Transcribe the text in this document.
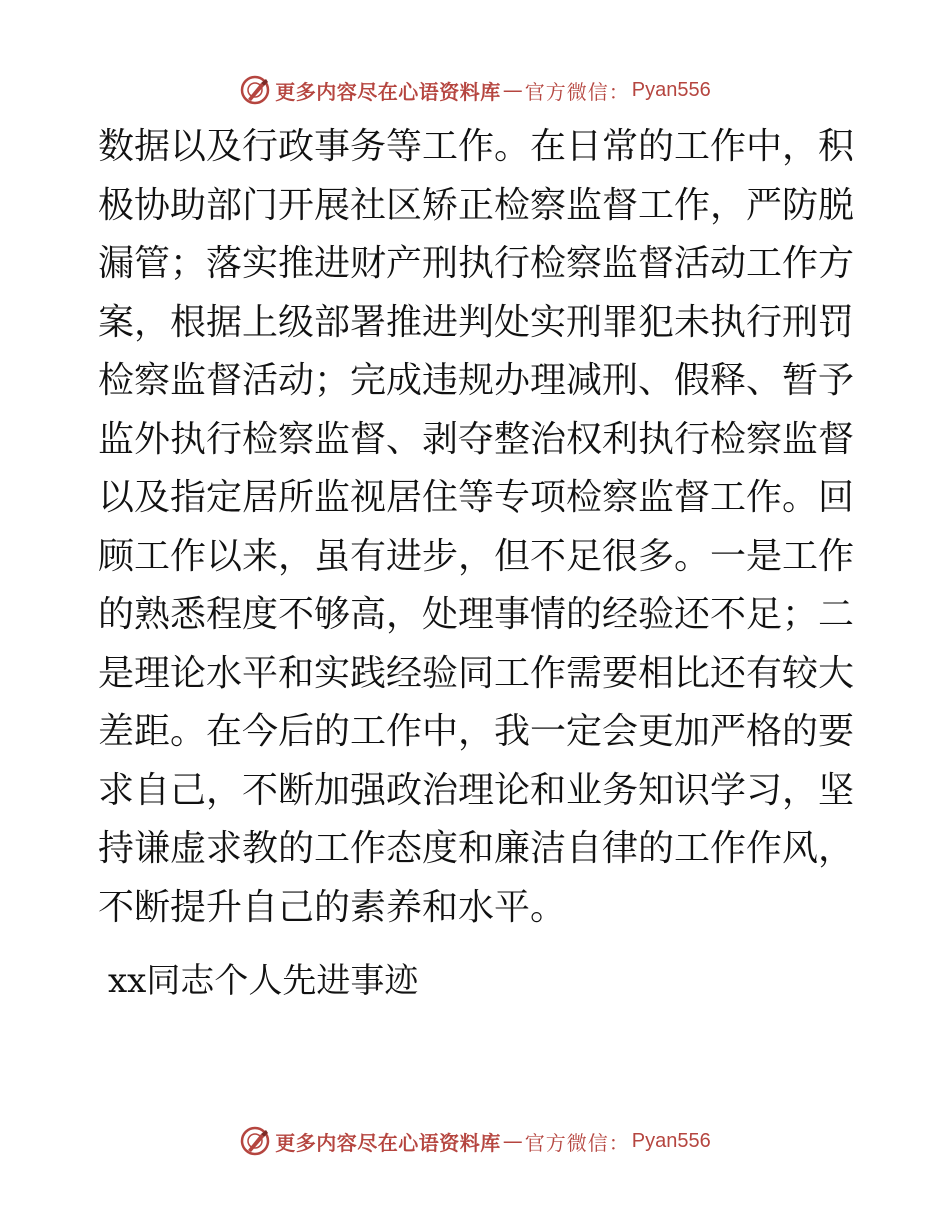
更多内容尽在心语资料库 — 官方微信： Pyan556

数据以及行政事务等工作。在日常的工作中，积极协助部门开展社区矫正检察监督工作，严防脱漏管；落实推进财产刑执行检察监督活动工作方案，根据上级部署推进判处实刑罪犯未执行刑罚检察监督活动；完成违规办理减刑、假释、暂予监外执行检察监督、剥夺整治权利执行检察监督以及指定居所监视居住等专项检察监督工作。回顾工作以来，虽有进步，但不足很多。一是工作的熟悉程度不够高，处理事情的经验还不足；二是理论水平和实践经验同工作需要相比还有较大差距。在今后的工作中，我一定会更加严格的要求自己，不断加强政治理论和业务知识学习，坚持谦虚求教的工作态度和廉洁自律的工作作风，不断提升自己的素养和水平。

xx同志个人先进事迹
更多内容尽在心语资料库 — 官方微信： Pyan556
